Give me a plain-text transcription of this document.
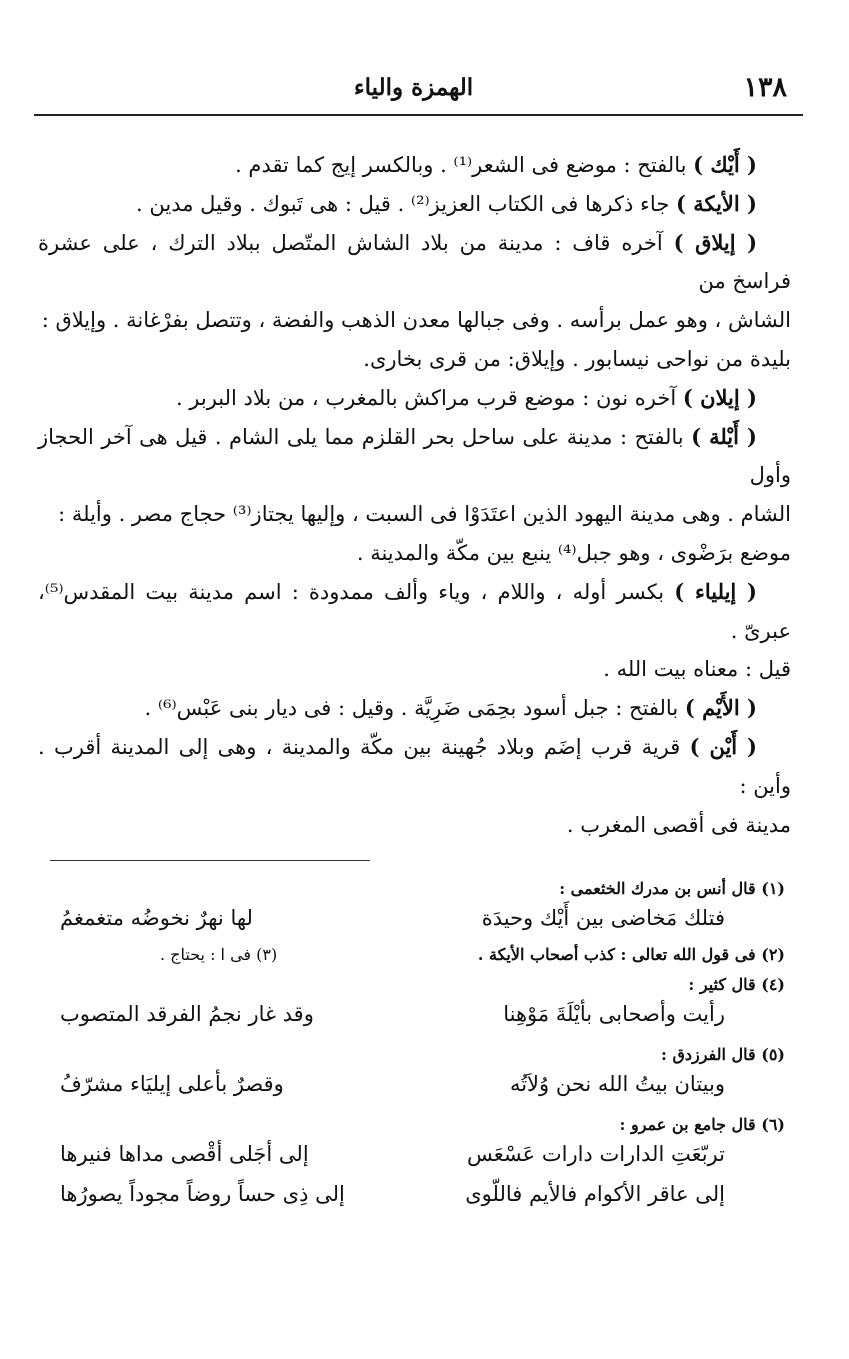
١٣٨
الهمزة والياء

( أَيْك ) بالفتح : موضع فى الشعر⁽¹⁾ . وبالكسر إيج كما تقدم .

( الأيكة ) جاء ذكرها فى الكتاب العزيز⁽²⁾ . قيل : هى تَبوك . وقيل مدين .

( إيلاق ) آخره قاف : مدينة من بلاد الشاش المتّصل ببلاد الترك ، على عشرة فراسخ من

الشاش ، وهو عمل برأسه . وفى جبالها معدن الذهب والفضة ، وتتصل بفرْغانة . وإيلاق :

بليدة من نواحى نيسابور . وإيلاق: من قرى بخارى.

( إيلان ) آخره نون : موضع قرب مراكش بالمغرب ، من بلاد البربر .

( أَيْلة ) بالفتح : مدينة على ساحل بحر القلزم مما يلى الشام . قيل هى آخر الحجاز وأول

الشام . وهى مدينة اليهود الذين اعتَدَوْا فى السبت ، وإليها يجتاز⁽³⁾ حجاج مصر . وأيلة :

موضع برَضْوى ، وهو جبل⁽⁴⁾ ينبع بين مكّة والمدينة .

( إيلياء ) بكسر أوله ، واللام ، وياء وألف ممدودة : اسم مدينة بيت المقدس⁽⁵⁾، عبرىّ .

قيل : معناه بيت الله .

( الأَيْم ) بالفتح : جبل أسود بحِمَى ضَرِيَّة . وقيل : فى ديار بنى عَبْس⁽⁶⁾ .

( أَيْن ) قرية قرب إضَم وبلاد جُهينة بين مكّة والمدينة ، وهى إلى المدينة أقرب . وأين :

مدينة فى أقصى المغرب .

(١) قال أنس بن مدرك الخثعمى :

فتلك مَخاضى بين أَيْك وحيدَة
لها نهرٌ نخوضُه متغمغمُ
(٢) فى قول الله تعالى : كذب أصحاب الأيكة .
(٣) فى ا : يحتاج .

(٤) قال كثير :

رأيت وأصحابى بأيْلَةَ مَوْهِنا
وقد غار نجمُ الفرقد المتصوب

(٥) قال الفرزدق :

وبيتان بيتُ الله نحن وُلاَتُه
وقصرٌ بأعلى إيليَاء مشرّفُ

(٦) قال جامع بن عمرو :

تربّعَتِ الدارات دارات عَسْعَس
إلى أجَلى أقْصى مداها فنيرها
إلى عاقر الأكوام فالأيم فاللّوى
إلى ذِى حساً روضاً مجوداً يصورُها
